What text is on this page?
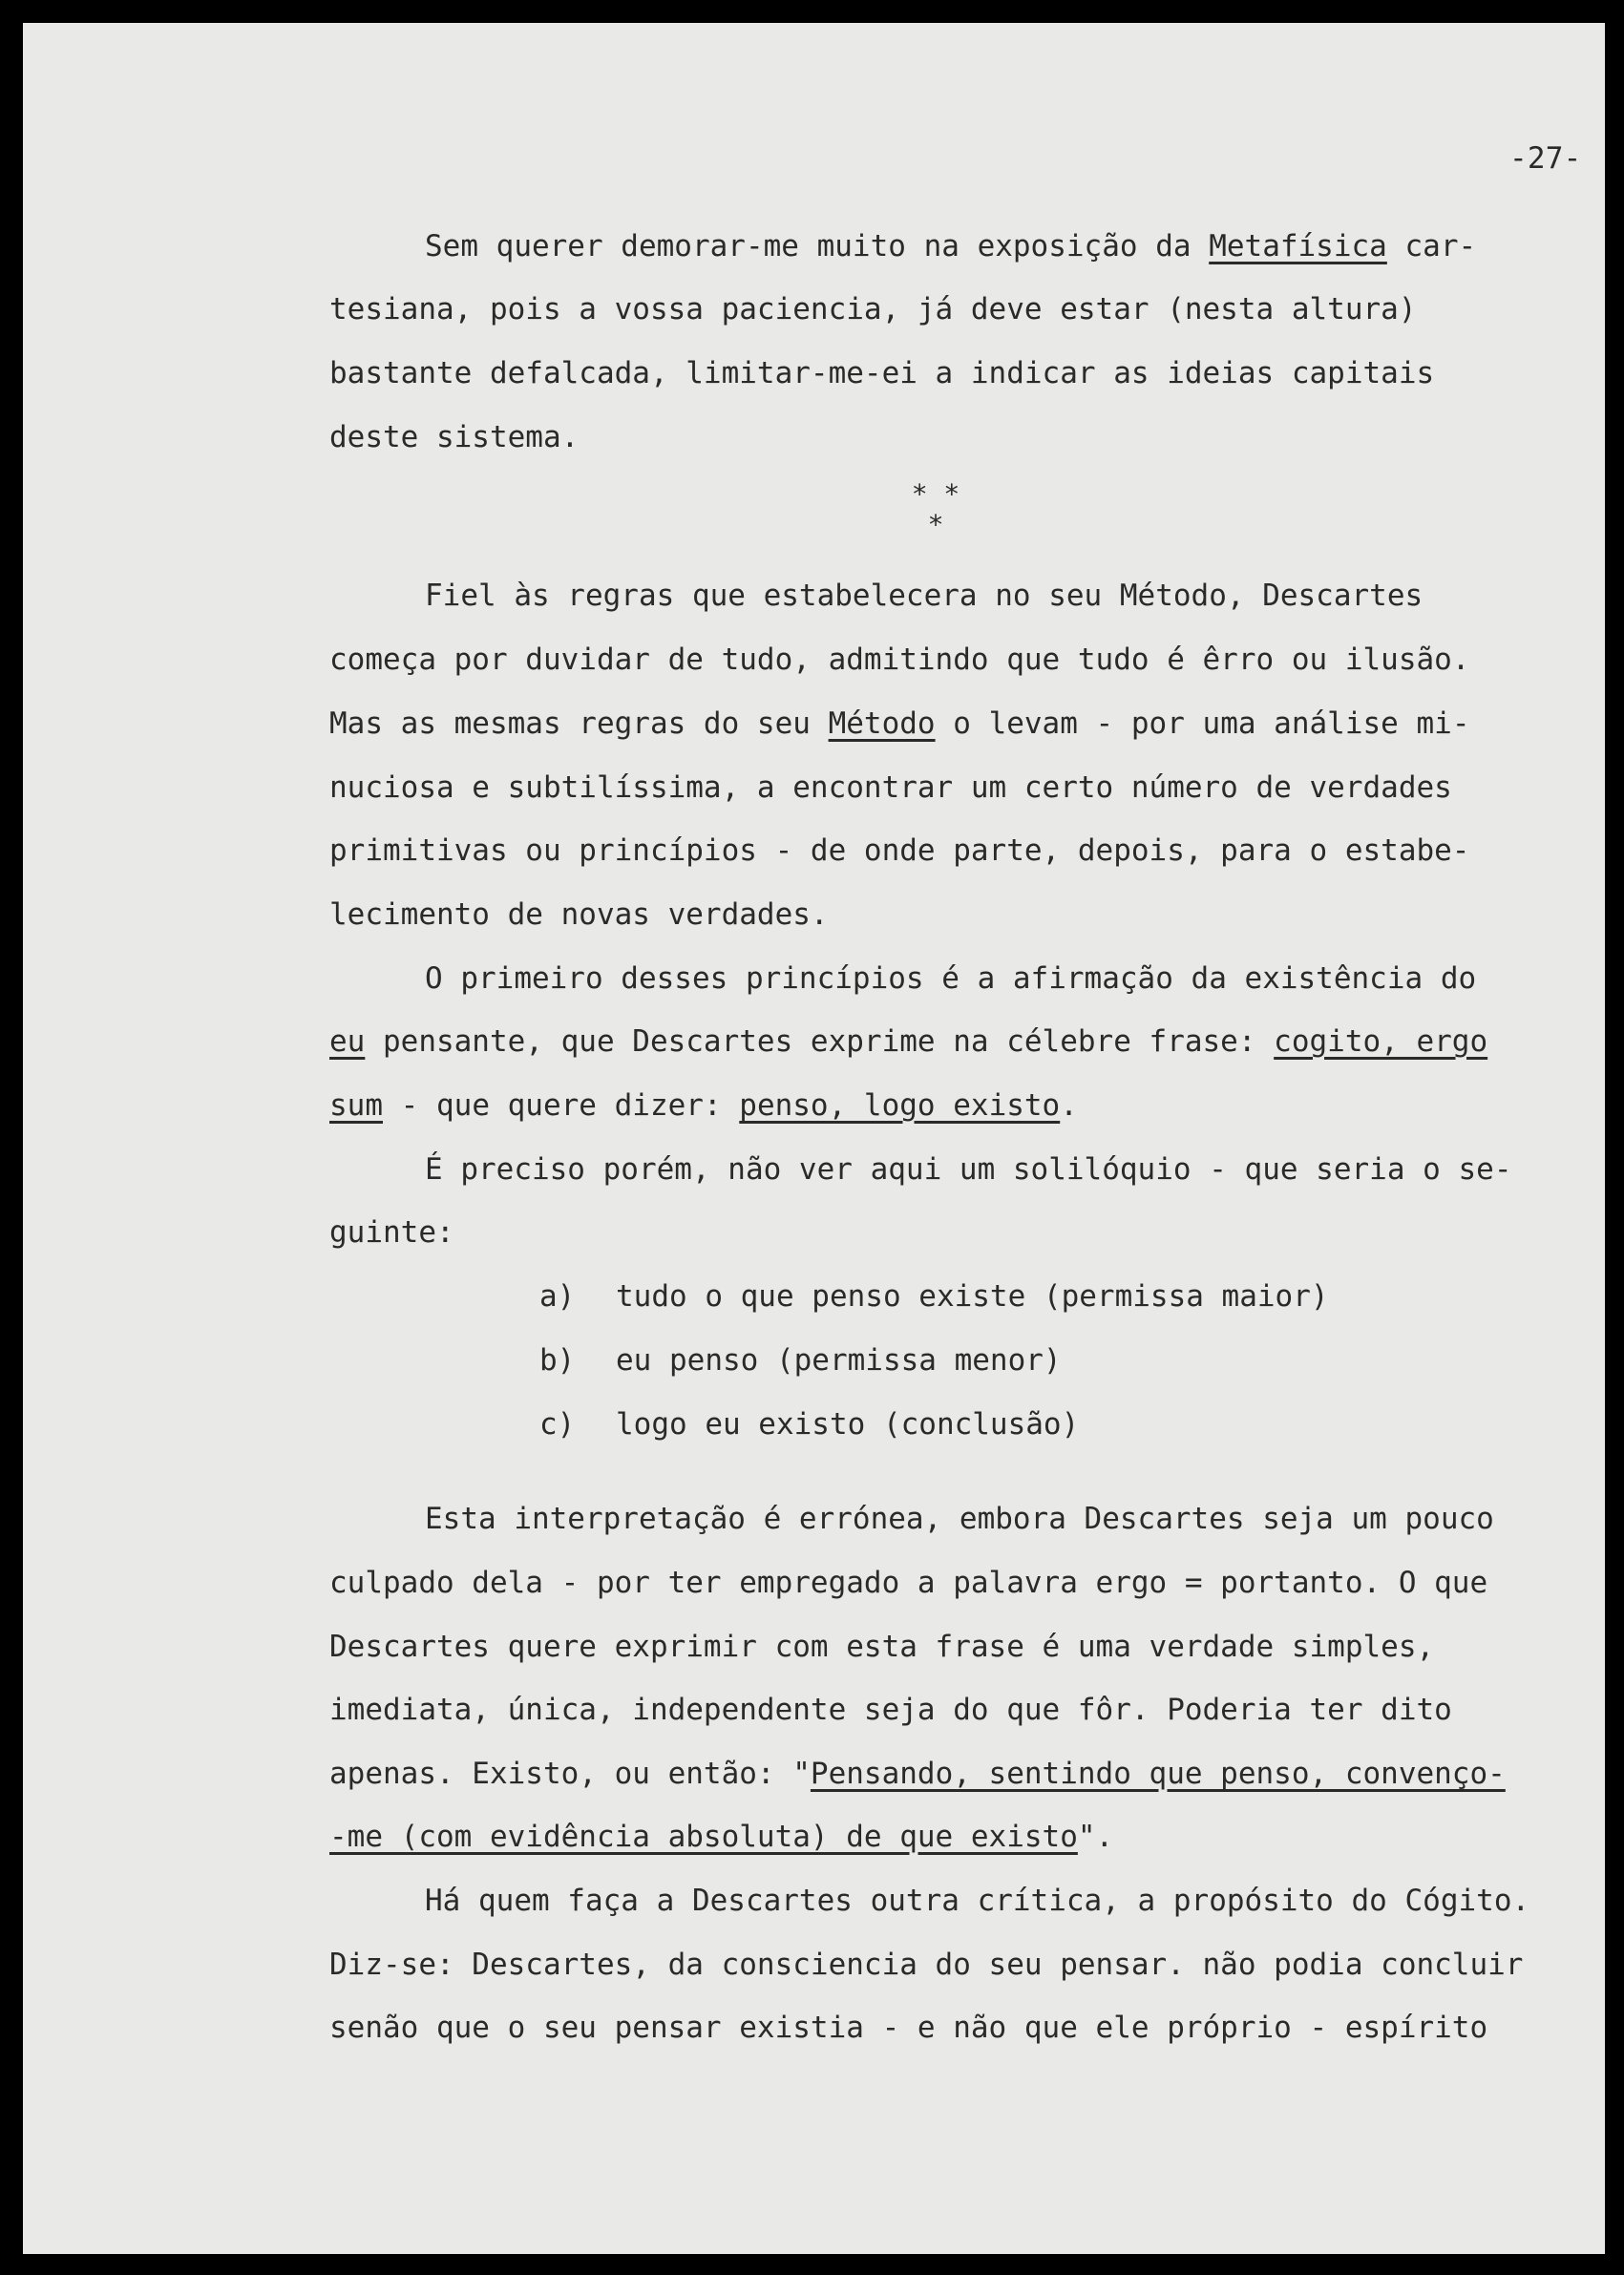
-27-

Sem querer demorar-me muito na exposição da Metafísica car-

tesiana, pois a vossa paciencia, já deve estar (nesta altura)

bastante defalcada, limitar-me-ei a indicar as ideias capitais

deste sistema.

* *
*

Fiel às regras que estabelecera no seu Método, Descartes

começa por duvidar de tudo, admitindo que tudo é êrro ou ilusão.

Mas as mesmas regras do seu Método o levam - por uma análise mi-

nuciosa e subtilíssima, a encontrar um certo número de verdades

primitivas ou princípios - de onde parte, depois, para o estabe-

lecimento de novas verdades.

O primeiro desses princípios é a afirmação da existência do

eu pensante, que Descartes exprime na célebre frase: cogito, ergo

sum - que quere dizer: penso, logo existo.

É preciso porém, não ver aqui um solilóquio - que seria o se-

guinte:

a) tudo o que penso existe (permissa maior)

b) eu penso (permissa menor)

c) logo eu existo (conclusão)

Esta interpretação é errónea, embora Descartes seja um pouco

culpado dela - por ter empregado a palavra ergo = portanto. O que

Descartes quere exprimir com esta frase é uma verdade simples,

imediata, única, independente seja do que fôr. Poderia ter dito

apenas. Existo, ou então: "Pensando, sentindo que penso, convenço-

-me (com evidência absoluta) de que existo".

Há quem faça a Descartes outra crítica, a propósito do Cógito.

Diz-se: Descartes, da consciencia do seu pensar. não podia concluir

senão que o seu pensar existia - e não que ele próprio - espírito
